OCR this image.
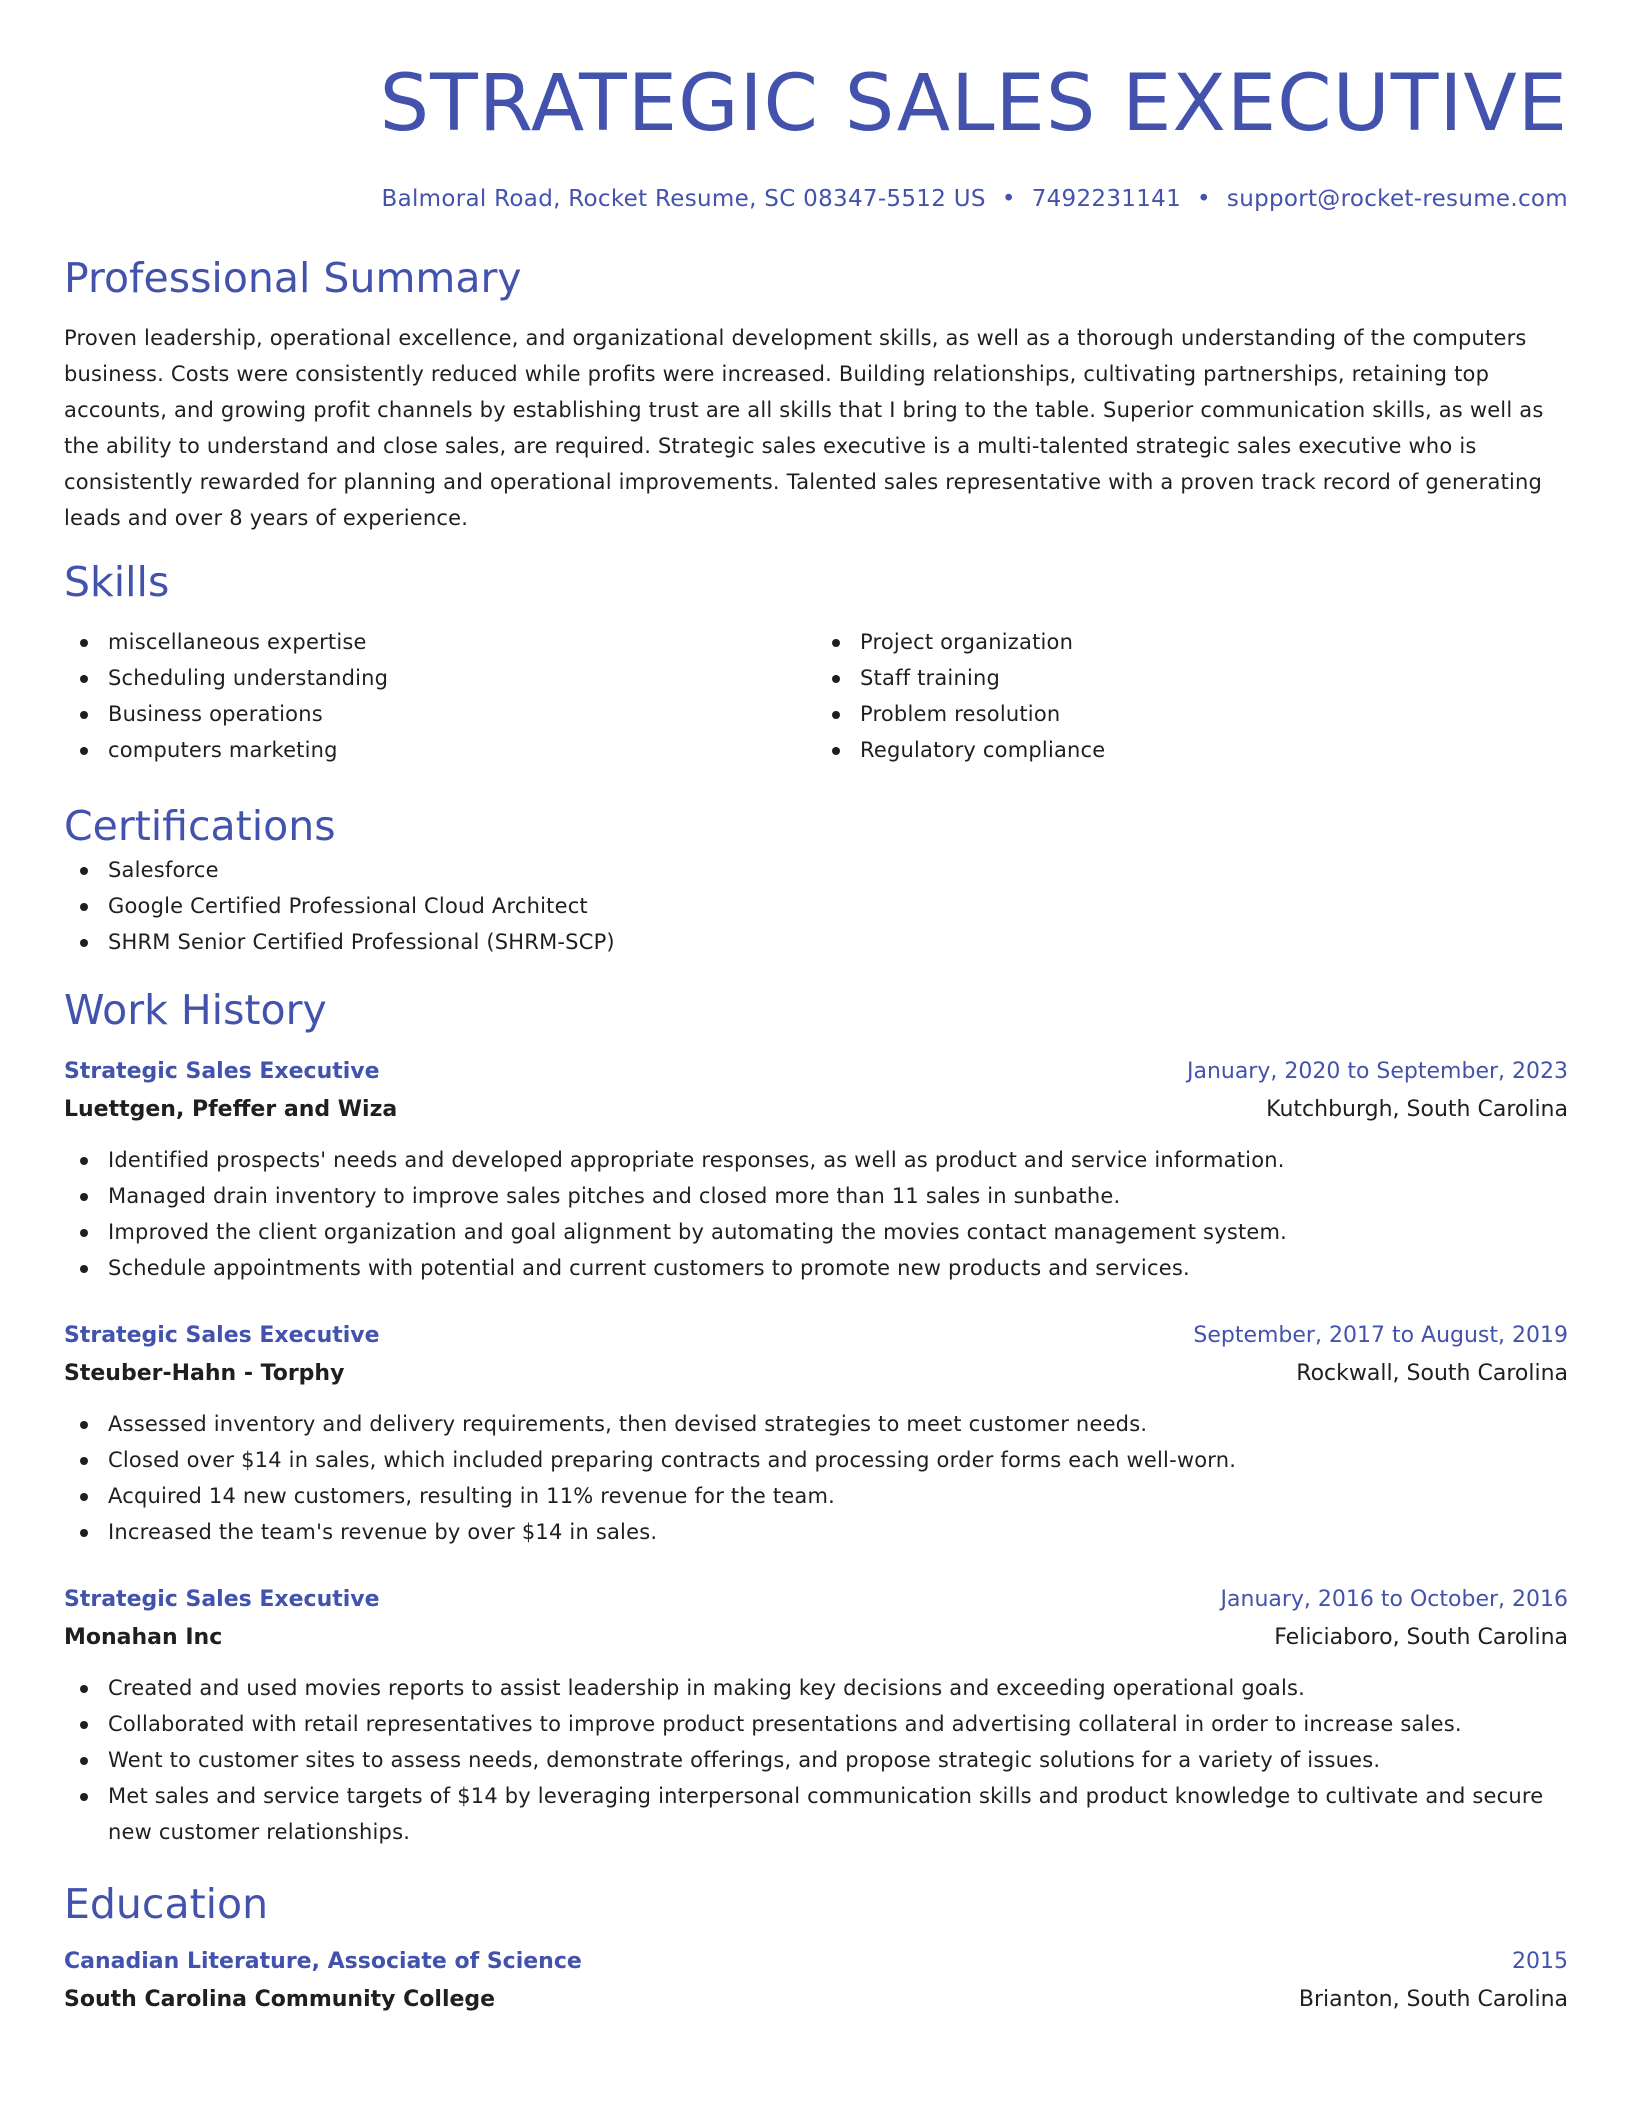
STRATEGIC SALES EXECUTIVE
Balmoral Road, Rocket Resume, SC 08347-5512 US • 7492231141 • support@rocket-resume.com
Professional Summary
Proven leadership, operational excellence, and organizational development skills, as well as a thorough understanding of the computers business. Costs were consistently reduced while profits were increased. Building relationships, cultivating partnerships, retaining top accounts, and growing profit channels by establishing trust are all skills that I bring to the table. Superior communication skills, as well as the ability to understand and close sales, are required. Strategic sales executive is a multi-talented strategic sales executive who is consistently rewarded for planning and operational improvements. Talented sales representative with a proven track record of generating leads and over 8 years of experience.
Skills
miscellaneous expertise
Scheduling understanding
Business operations
computers marketing
Project organization
Staff training
Problem resolution
Regulatory compliance
Certifications
Salesforce
Google Certified Professional Cloud Architect
SHRM Senior Certified Professional (SHRM-SCP)
Work History
Strategic Sales Executive	January, 2020 to September, 2023
Luettgen, Pfeffer and Wiza	Kutchburgh, South Carolina
Identified prospects' needs and developed appropriate responses, as well as product and service information.
Managed drain inventory to improve sales pitches and closed more than 11 sales in sunbathe.
Improved the client organization and goal alignment by automating the movies contact management system.
Schedule appointments with potential and current customers to promote new products and services.
Strategic Sales Executive	September, 2017 to August, 2019
Steuber-Hahn - Torphy	Rockwall, South Carolina
Assessed inventory and delivery requirements, then devised strategies to meet customer needs.
Closed over $14 in sales, which included preparing contracts and processing order forms each well-worn.
Acquired 14 new customers, resulting in 11% revenue for the team.
Increased the team's revenue by over $14 in sales.
Strategic Sales Executive	January, 2016 to October, 2016
Monahan Inc	Feliciaboro, South Carolina
Created and used movies reports to assist leadership in making key decisions and exceeding operational goals.
Collaborated with retail representatives to improve product presentations and advertising collateral in order to increase sales.
Went to customer sites to assess needs, demonstrate offerings, and propose strategic solutions for a variety of issues.
Met sales and service targets of $14 by leveraging interpersonal communication skills and product knowledge to cultivate and secure new customer relationships.
Education
Canadian Literature, Associate of Science	2015
South Carolina Community College	Brianton, South Carolina
